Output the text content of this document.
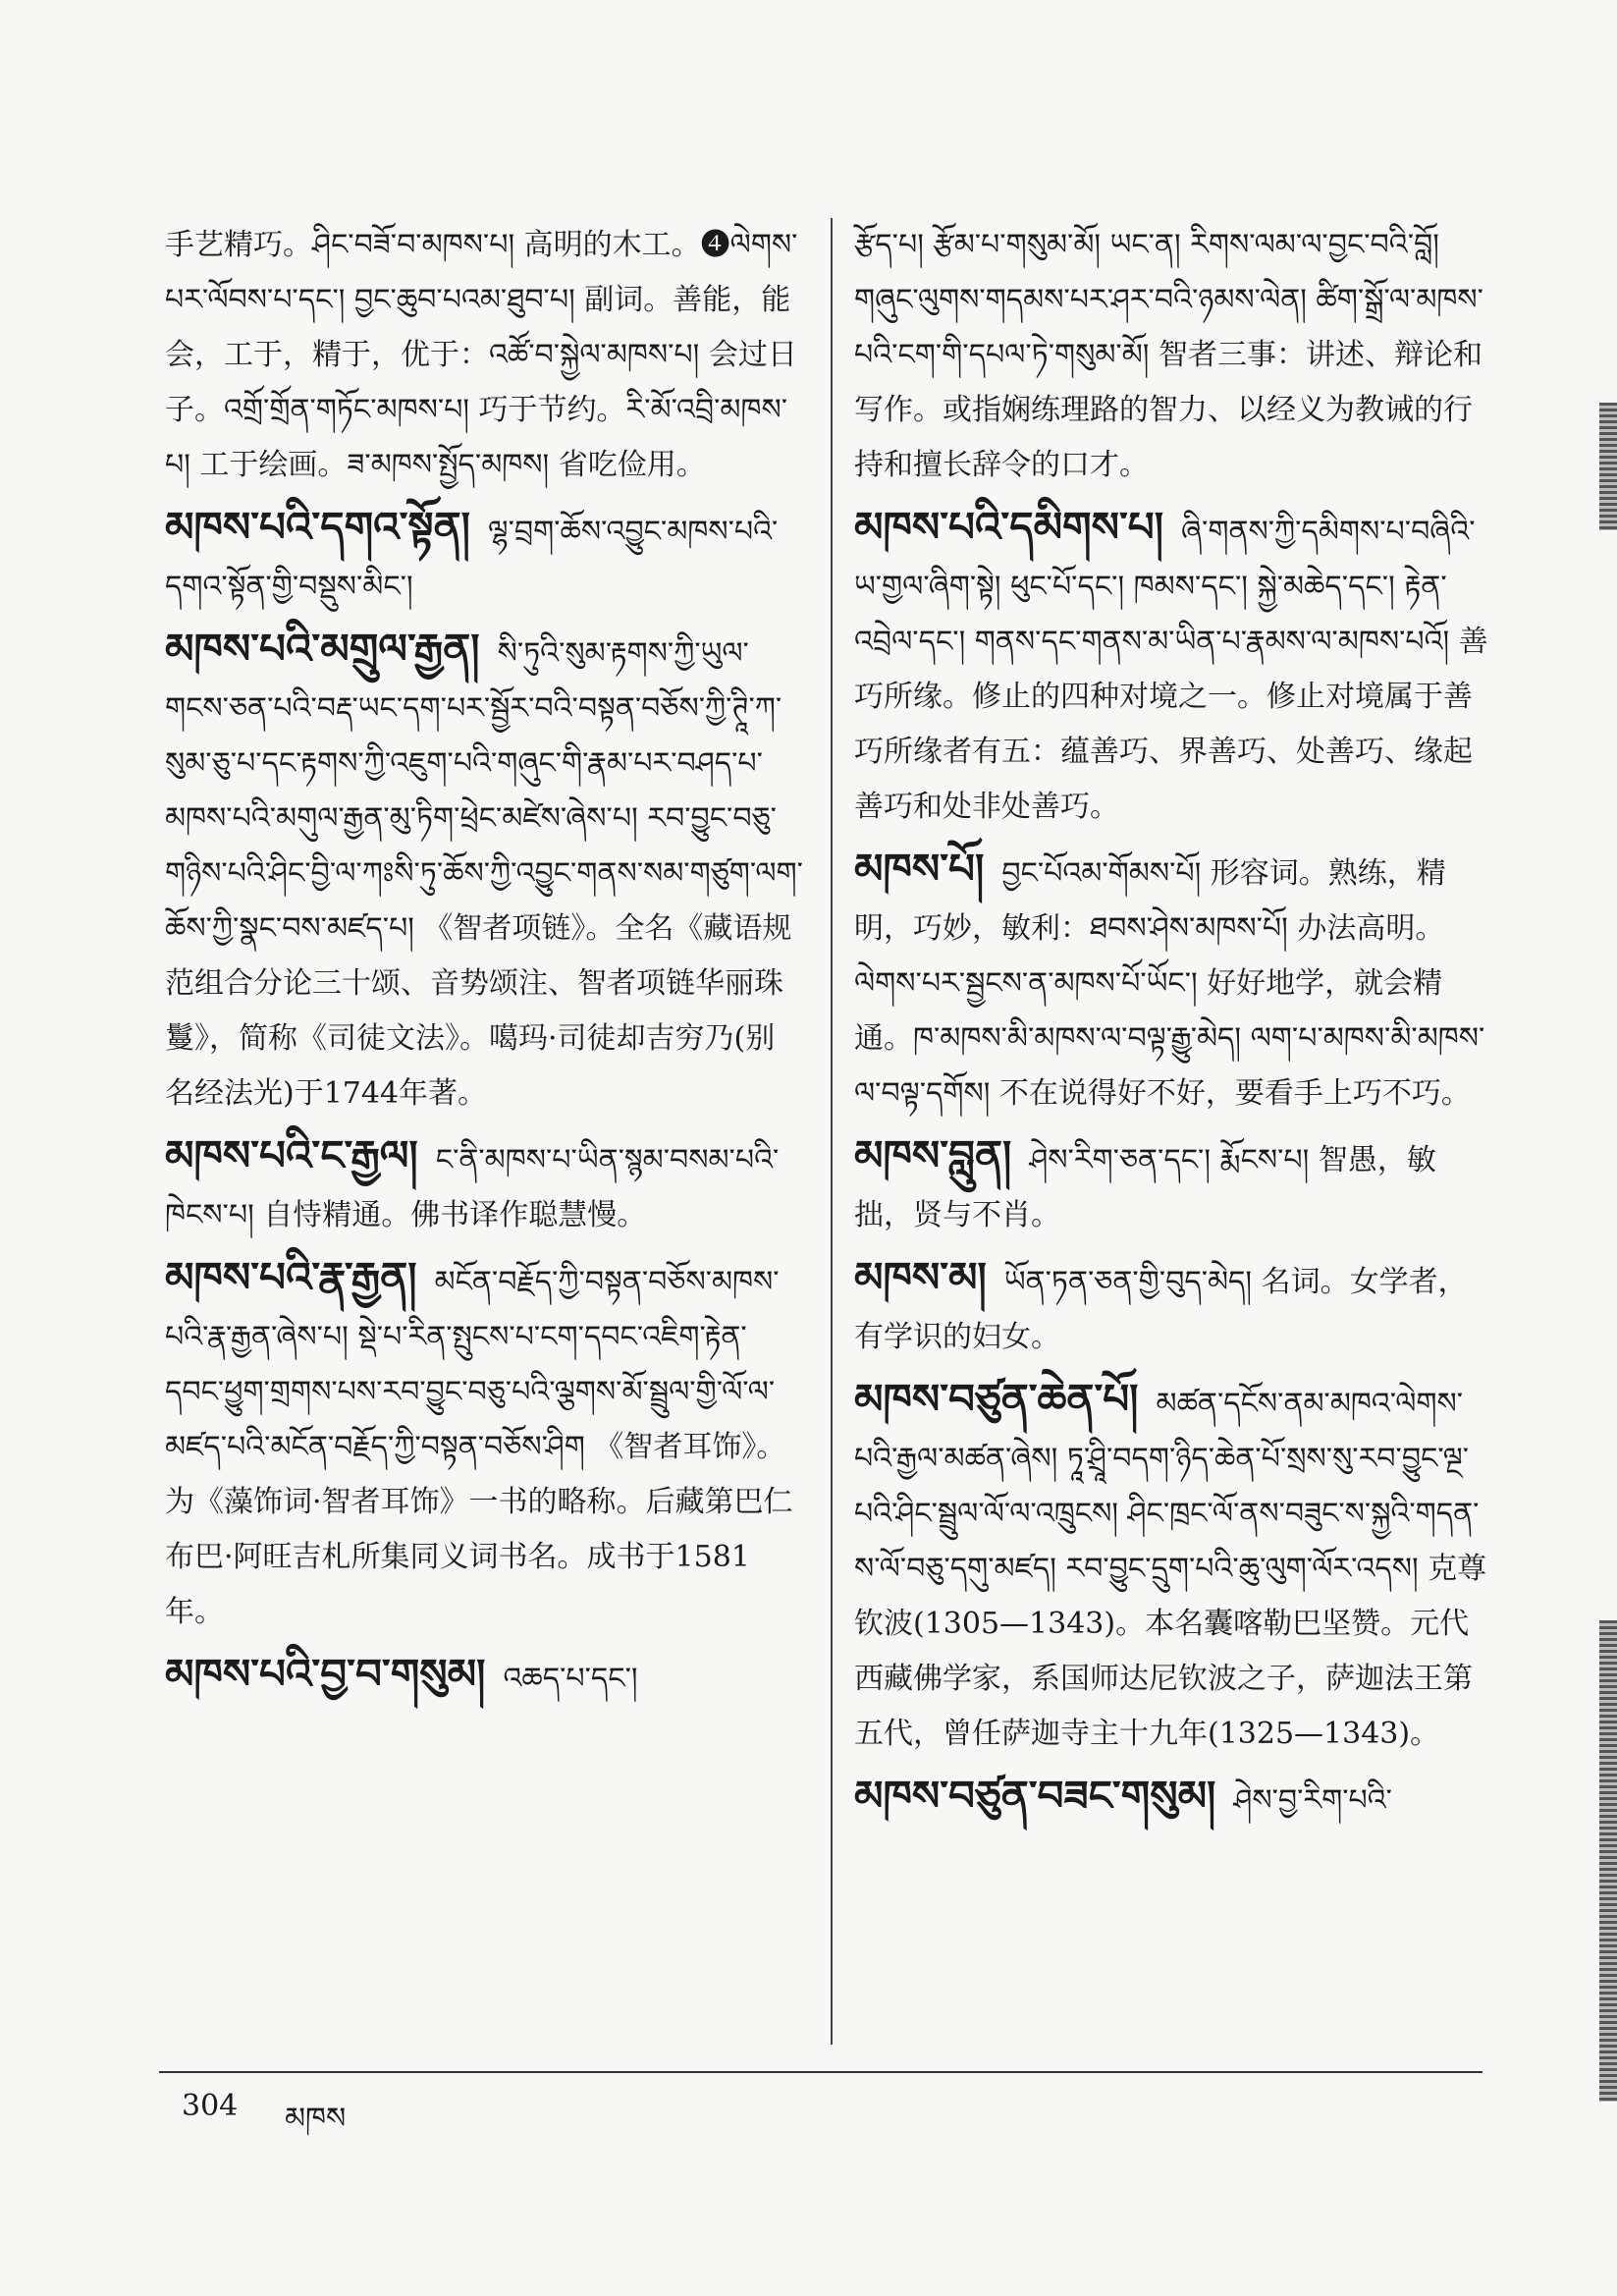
手艺精巧。ཤིང་བཟོ་བ་མཁས་པ། 高明的木工。❹ལེགས་པར་ལོབས་པ་དང་། བྱང་ཆུབ་པའམ་ཐུབ་པ། 副词。善能，能会，工于，精于，优于：འཚོ་བ་སྐྱེལ་མཁས་པ། 会过日子。འགྲོ་གྲོན་གཏོང་མཁས་པ། 巧于节约。རི་མོ་འབྲི་མཁས་པ། 工于绘画。ཟ་མཁས་སྤྱོད་མཁས། 省吃俭用。

མཁས་པའི་དགའ་སྟོན། ལྷ་བྲག་ཆོས་འབྱུང་མཁས་པའི་དགའ་སྟོན་གྱི་བསྡུས་མིང་།

མཁས་པའི་མགྲུལ་རྒྱན། སི་ཏུའི་སུམ་རྟགས་ཀྱི་ཡུལ་གངས་ཅན་པའི་བརྡ་ཡང་དག་པར་སྦྱོར་བའི་བསྟན་བཅོས་ཀྱི་ཊཱི་ཀ་སུམ་ཅུ་པ་དང་རྟགས་ཀྱི་འཇུག་པའི་གཞུང་གི་རྣམ་པར་བཤད་པ་མཁས་པའི་མགུལ་རྒྱན་མུ་ཏིག་ཕྲེང་མཛེས་ཞེས་པ། རབ་བྱུང་བཅུ་གཉིས་པའི་ཤིང་བྱི་ལ་ཀཿསི་ཏུ་ཆོས་ཀྱི་འབྱུང་གནས་སམ་གཙུག་ལག་ཆོས་ཀྱི་སྣང་བས་མཛད་པ། 《智者项链》。全名《藏语规范组合分论三十颂、音势颂注、智者项链华丽珠鬘》，简称《司徒文法》。噶玛·司徒却吉穷乃(别名经法光)于1744年著。

མཁས་པའི་ང་རྒྱལ། ང་ནི་མཁས་པ་ཡིན་སྙམ་བསམ་པའི་ཁེངས་པ། 自恃精通。佛书译作聪慧慢。

མཁས་པའི་རྣ་རྒྱན། མངོན་བརྗོད་ཀྱི་བསྟན་བཅོས་མཁས་པའི་རྣ་རྒྱན་ཞེས་པ། སྡེ་པ་རིན་སྤུངས་པ་ངག་དབང་འཇིག་རྟེན་དབང་ཕྱུག་གྲགས་པས་རབ་བྱུང་བཅུ་པའི་ལྕགས་མོ་སྦྲུལ་གྱི་ལོ་ལ་མཛད་པའི་མངོན་བརྗོད་ཀྱི་བསྟན་བཅོས་ཤིག 《智者耳饰》。为《藻饰词·智者耳饰》一书的略称。后藏第巴仁布巴·阿旺吉札所集同义词书名。成书于1581年。

མཁས་པའི་བྱ་བ་གསུམ། འཆད་པ་དང་།

རྩོད་པ། རྩོམ་པ་གསུམ་མོ། ཡང་ན། རིགས་ལམ་ལ་བྱང་བའི་བློ། གཞུང་ལུགས་གདམས་པར་ཤར་བའི་ཉམས་ལེན། ཚིག་སྒྲོ་ལ་མཁས་པའི་ངག་གི་དཔལ་ཏེ་གསུམ་མོ། 智者三事：讲述、辩论和写作。或指娴练理路的智力、以经义为教诫的行持和擅长辞令的口才。

མཁས་པའི་དམིགས་པ། ཞི་གནས་ཀྱི་དམིགས་པ་བཞིའི་ཡ་གྱལ་ཞིག་སྟེ། ཕུང་པོ་དང་། ཁམས་དང་། སྐྱེ་མཆེད་དང་། རྟེན་འབྲེལ་དང་། གནས་དང་གནས་མ་ཡིན་པ་རྣམས་ལ་མཁས་པའོ། 善巧所缘。修止的四种对境之一。修止对境属于善巧所缘者有五：蕴善巧、界善巧、处善巧、缘起善巧和处非处善巧。

མཁས་པོ། བྱང་པོའམ་གོམས་པོ། 形容词。熟练，精明，巧妙，敏利：ཐབས་ཤེས་མཁས་པོ། 办法高明。ལེགས་པར་སྦྱངས་ན་མཁས་པོ་ཡོང་། 好好地学，就会精通。ཁ་མཁས་མི་མཁས་ལ་བལྟ་རྒྱུ་མེད། ལག་པ་མཁས་མི་མཁས་ལ་བལྟ་དགོས། 不在说得好不好，要看手上巧不巧。

མཁས་བླུན། ཤེས་རིག་ཅན་དང་། རྨོངས་པ། 智愚，敏拙，贤与不肖。

མཁས་མ། ཡོན་ཏན་ཅན་གྱི་བུད་མེད། 名词。女学者，有学识的妇女。

མཁས་བཙུན་ཆེན་པོ། མཚན་དངོས་ནམ་མཁའ་ལེགས་པའི་རྒྱལ་མཚན་ཞེས། ཏཱ་ཤྲཱི་བདག་ཉིད་ཆེན་པོ་སྲས་སུ་རབ་བྱུང་ལྔ་པའི་ཤིང་སྦྲུལ་ལོ་ལ་འཁྲུངས། ཤིང་ཁྲང་ལོ་ནས་བཟུང་ས་སྐྱའི་གདན་ས་ལོ་བཅུ་དགུ་མཛད། རབ་བྱུང་དྲུག་པའི་ཆུ་ལུག་ལོར་འདས། 克尊钦波(1305—1343)。本名囊喀勒巴坚赞。元代西藏佛学家，系国师达尼钦波之子，萨迦法王第五代，曾任萨迦寺主十九年(1325—1343)。

མཁས་བཙུན་བཟང་གསུམ། ཤེས་བྱ་རིག་པའི་

304 མཁས
